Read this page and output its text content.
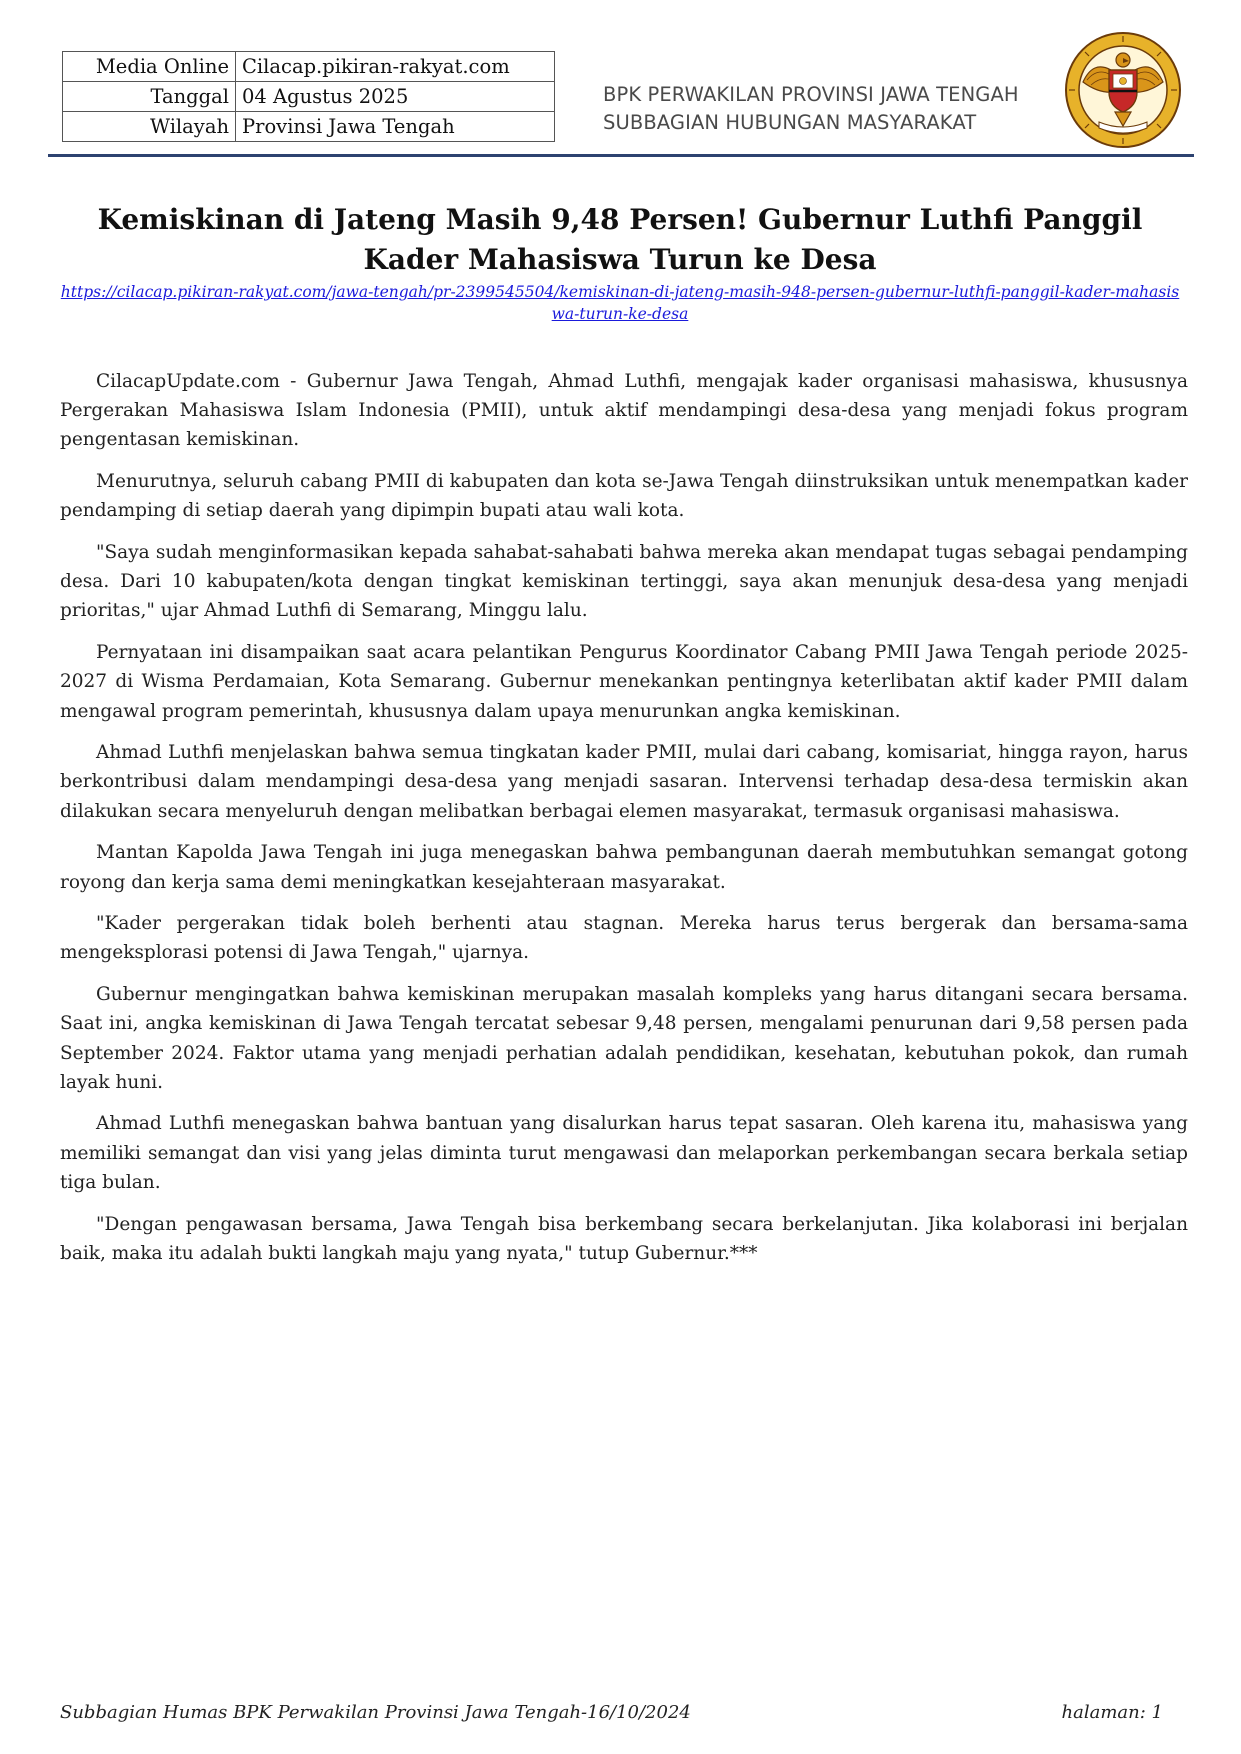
Media Online	Cilacap.pikiran-rakyat.com
Tanggal	04 Agustus 2025
Wilayah	Provinsi Jawa Tengah
BPK PERWAKILAN PROVINSI JAWA TENGAH
SUBBAGIAN HUBUNGAN MASYARAKAT
Kemiskinan di Jateng Masih 9,48 Persen! Gubernur Luthfi Panggil Kader Mahasiswa Turun ke Desa
https://cilacap.pikiran-rakyat.com/jawa-tengah/pr-2399545504/kemiskinan-di-jateng-masih-948-persen-gubernur-luthfi-panggil-kader-mahasiswa-turun-ke-desa

CilacapUpdate.com - Gubernur Jawa Tengah, Ahmad Luthfi, mengajak kader organisasi mahasiswa, khususnya Pergerakan Mahasiswa Islam Indonesia (PMII), untuk aktif mendampingi desa-desa yang menjadi fokus program pengentasan kemiskinan.

Menurutnya, seluruh cabang PMII di kabupaten dan kota se-Jawa Tengah diinstruksikan untuk menempatkan kader pendamping di setiap daerah yang dipimpin bupati atau wali kota.

"Saya sudah menginformasikan kepada sahabat-sahabati bahwa mereka akan mendapat tugas sebagai pendamping desa. Dari 10 kabupaten/kota dengan tingkat kemiskinan tertinggi, saya akan menunjuk desa-desa yang menjadi prioritas," ujar Ahmad Luthfi di Semarang, Minggu lalu.

Pernyataan ini disampaikan saat acara pelantikan Pengurus Koordinator Cabang PMII Jawa Tengah periode 2025-2027 di Wisma Perdamaian, Kota Semarang. Gubernur menekankan pentingnya keterlibatan aktif kader PMII dalam mengawal program pemerintah, khususnya dalam upaya menurunkan angka kemiskinan.

Ahmad Luthfi menjelaskan bahwa semua tingkatan kader PMII, mulai dari cabang, komisariat, hingga rayon, harus berkontribusi dalam mendampingi desa-desa yang menjadi sasaran. Intervensi terhadap desa-desa termiskin akan dilakukan secara menyeluruh dengan melibatkan berbagai elemen masyarakat, termasuk organisasi mahasiswa.

Mantan Kapolda Jawa Tengah ini juga menegaskan bahwa pembangunan daerah membutuhkan semangat gotong royong dan kerja sama demi meningkatkan kesejahteraan masyarakat.

"Kader pergerakan tidak boleh berhenti atau stagnan. Mereka harus terus bergerak dan bersama-sama mengeksplorasi potensi di Jawa Tengah," ujarnya.

Gubernur mengingatkan bahwa kemiskinan merupakan masalah kompleks yang harus ditangani secara bersama. Saat ini, angka kemiskinan di Jawa Tengah tercatat sebesar 9,48 persen, mengalami penurunan dari 9,58 persen pada September 2024. Faktor utama yang menjadi perhatian adalah pendidikan, kesehatan, kebutuhan pokok, dan rumah layak huni.

Ahmad Luthfi menegaskan bahwa bantuan yang disalurkan harus tepat sasaran. Oleh karena itu, mahasiswa yang memiliki semangat dan visi yang jelas diminta turut mengawasi dan melaporkan perkembangan secara berkala setiap tiga bulan.

"Dengan pengawasan bersama, Jawa Tengah bisa berkembang secara berkelanjutan. Jika kolaborasi ini berjalan baik, maka itu adalah bukti langkah maju yang nyata," tutup Gubernur.***

Subbagian Humas BPK Perwakilan Provinsi Jawa Tengah-16/10/2024	halaman: 1
